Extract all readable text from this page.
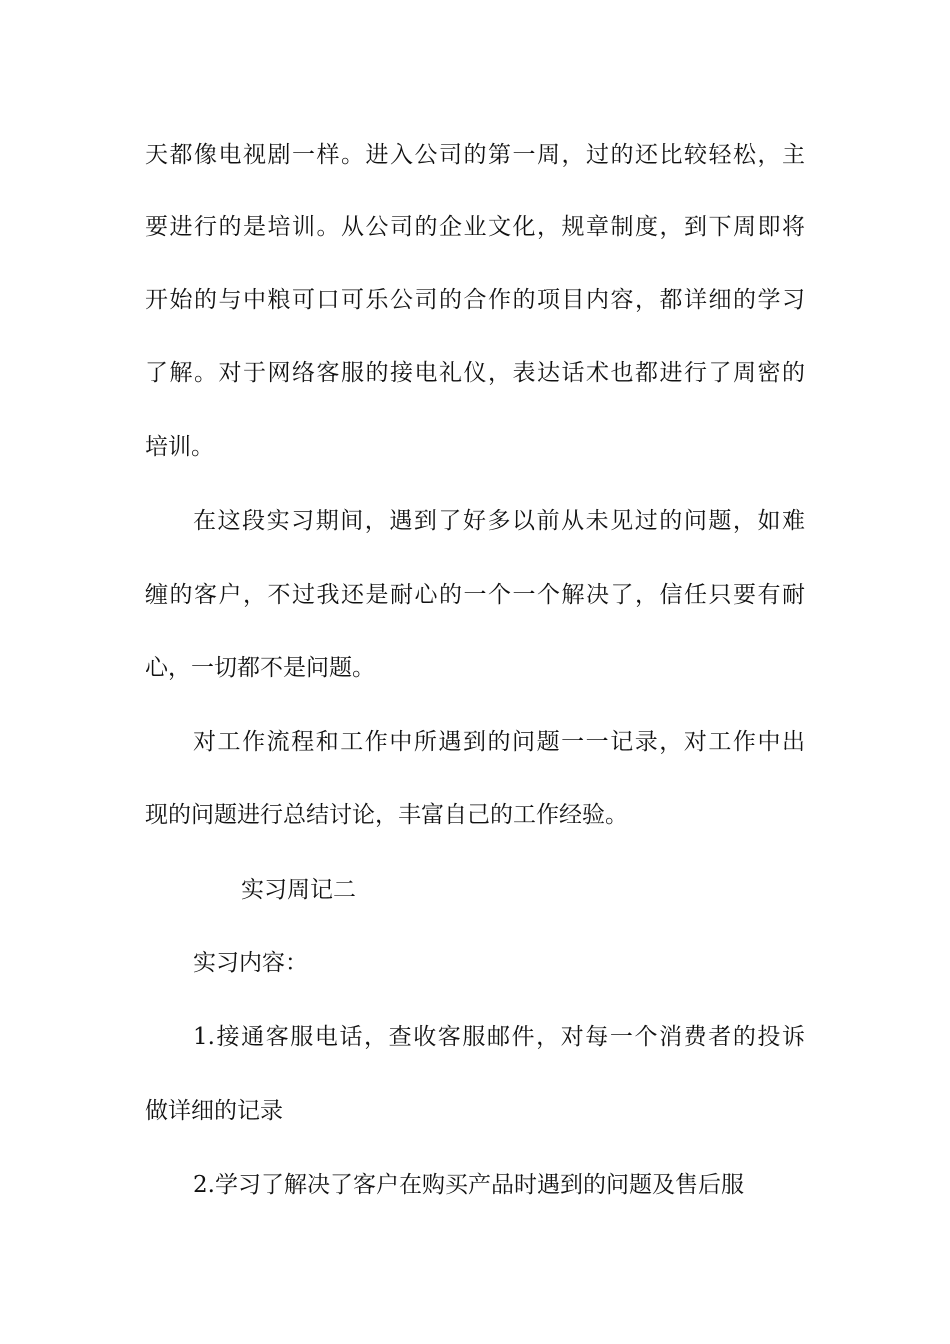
天都像电视剧一样。进入公司的第一周，过的还比较轻松，主
要进行的是培训。从公司的企业文化，规章制度，到下周即将
开始的与中粮可口可乐公司的合作的项目内容，都详细的学习
了解。对于网络客服的接电礼仪，表达话术也都进行了周密的
培训。
在这段实习期间，遇到了好多以前从未见过的问题，如难
缠的客户，不过我还是耐心的一个一个解决了，信任只要有耐
心，一切都不是问题。
对工作流程和工作中所遇到的问题一一记录，对工作中出
现的问题进行总结讨论，丰富自己的工作经验。
实习周记二
实习内容：
1.接通客服电话，查收客服邮件，对每一个消费者的投诉
做详细的记录
2.学习了解决了客户在购买产品时遇到的问题及售后服
